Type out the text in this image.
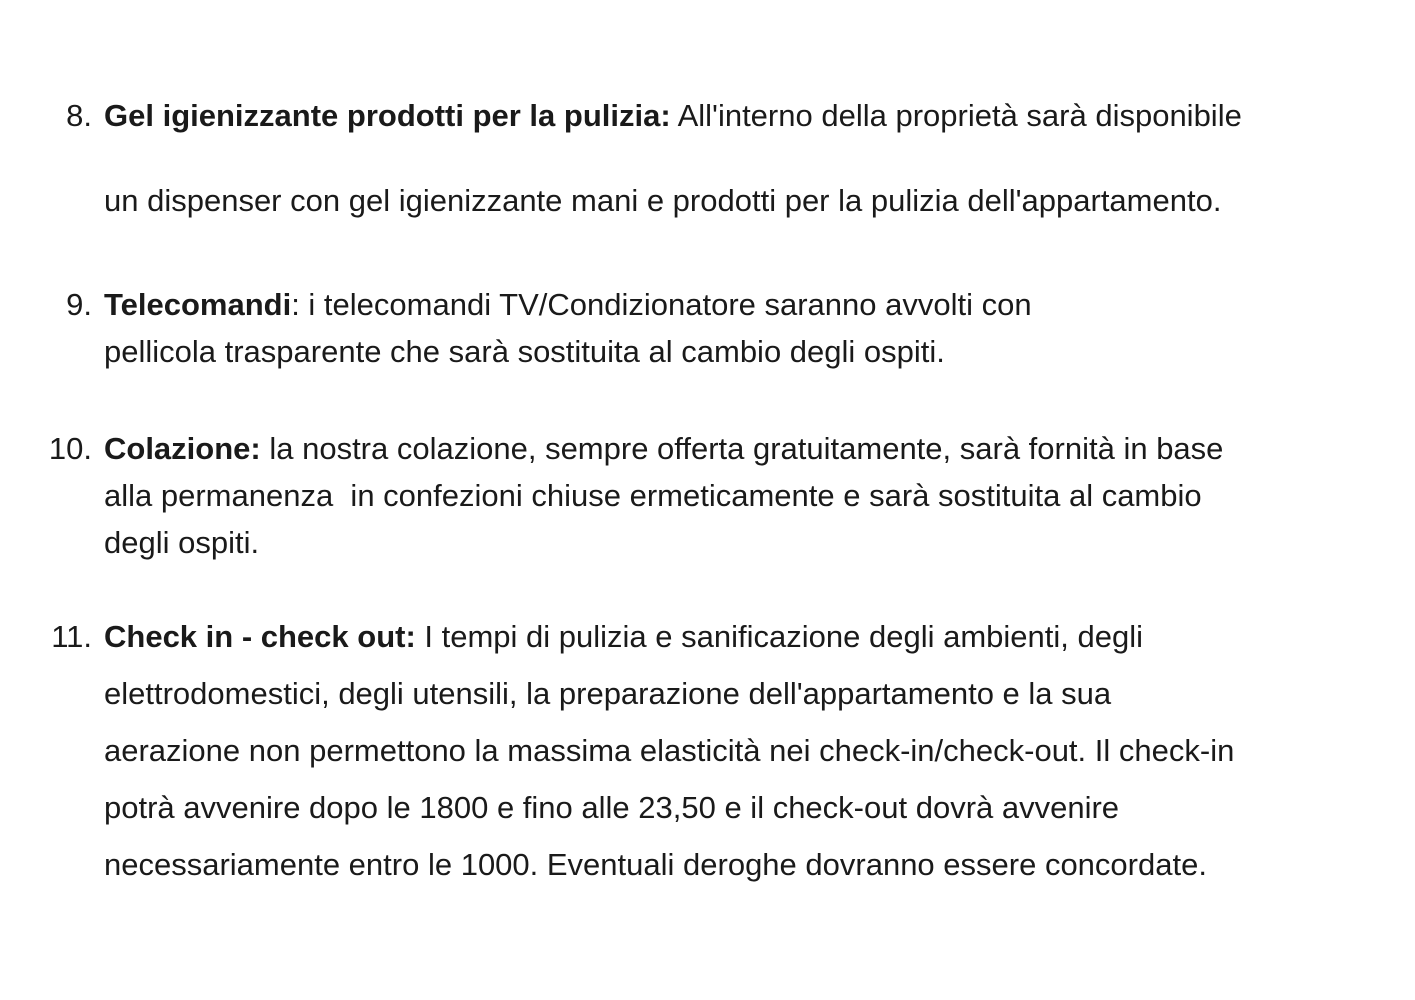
8. Gel igienizzante prodotti per la pulizia: All'interno della proprietà sarà disponibile
un dispenser con gel igienizzante mani e prodotti per la pulizia dell'appartamento.
9. Telecomandi: i telecomandi TV/Condizionatore saranno avvolti con
pellicola trasparente che sarà sostituita al cambio degli ospiti.
10. Colazione: la nostra colazione, sempre offerta gratuitamente, sarà fornità in base
alla permanenza  in confezioni chiuse ermeticamente e sarà sostituita al cambio
degli ospiti.
11. Check in - check out: I tempi di pulizia e sanificazione degli ambienti, degli
elettrodomestici, degli utensili, la preparazione dell'appartamento e la sua
aerazione non permettono la massima elasticità nei check-in/check-out. Il check-in
potrà avvenire dopo le 1800 e fino alle 23,50 e il check-out dovrà avvenire
necessariamente entro le 1000. Eventuali deroghe dovranno essere concordate.
